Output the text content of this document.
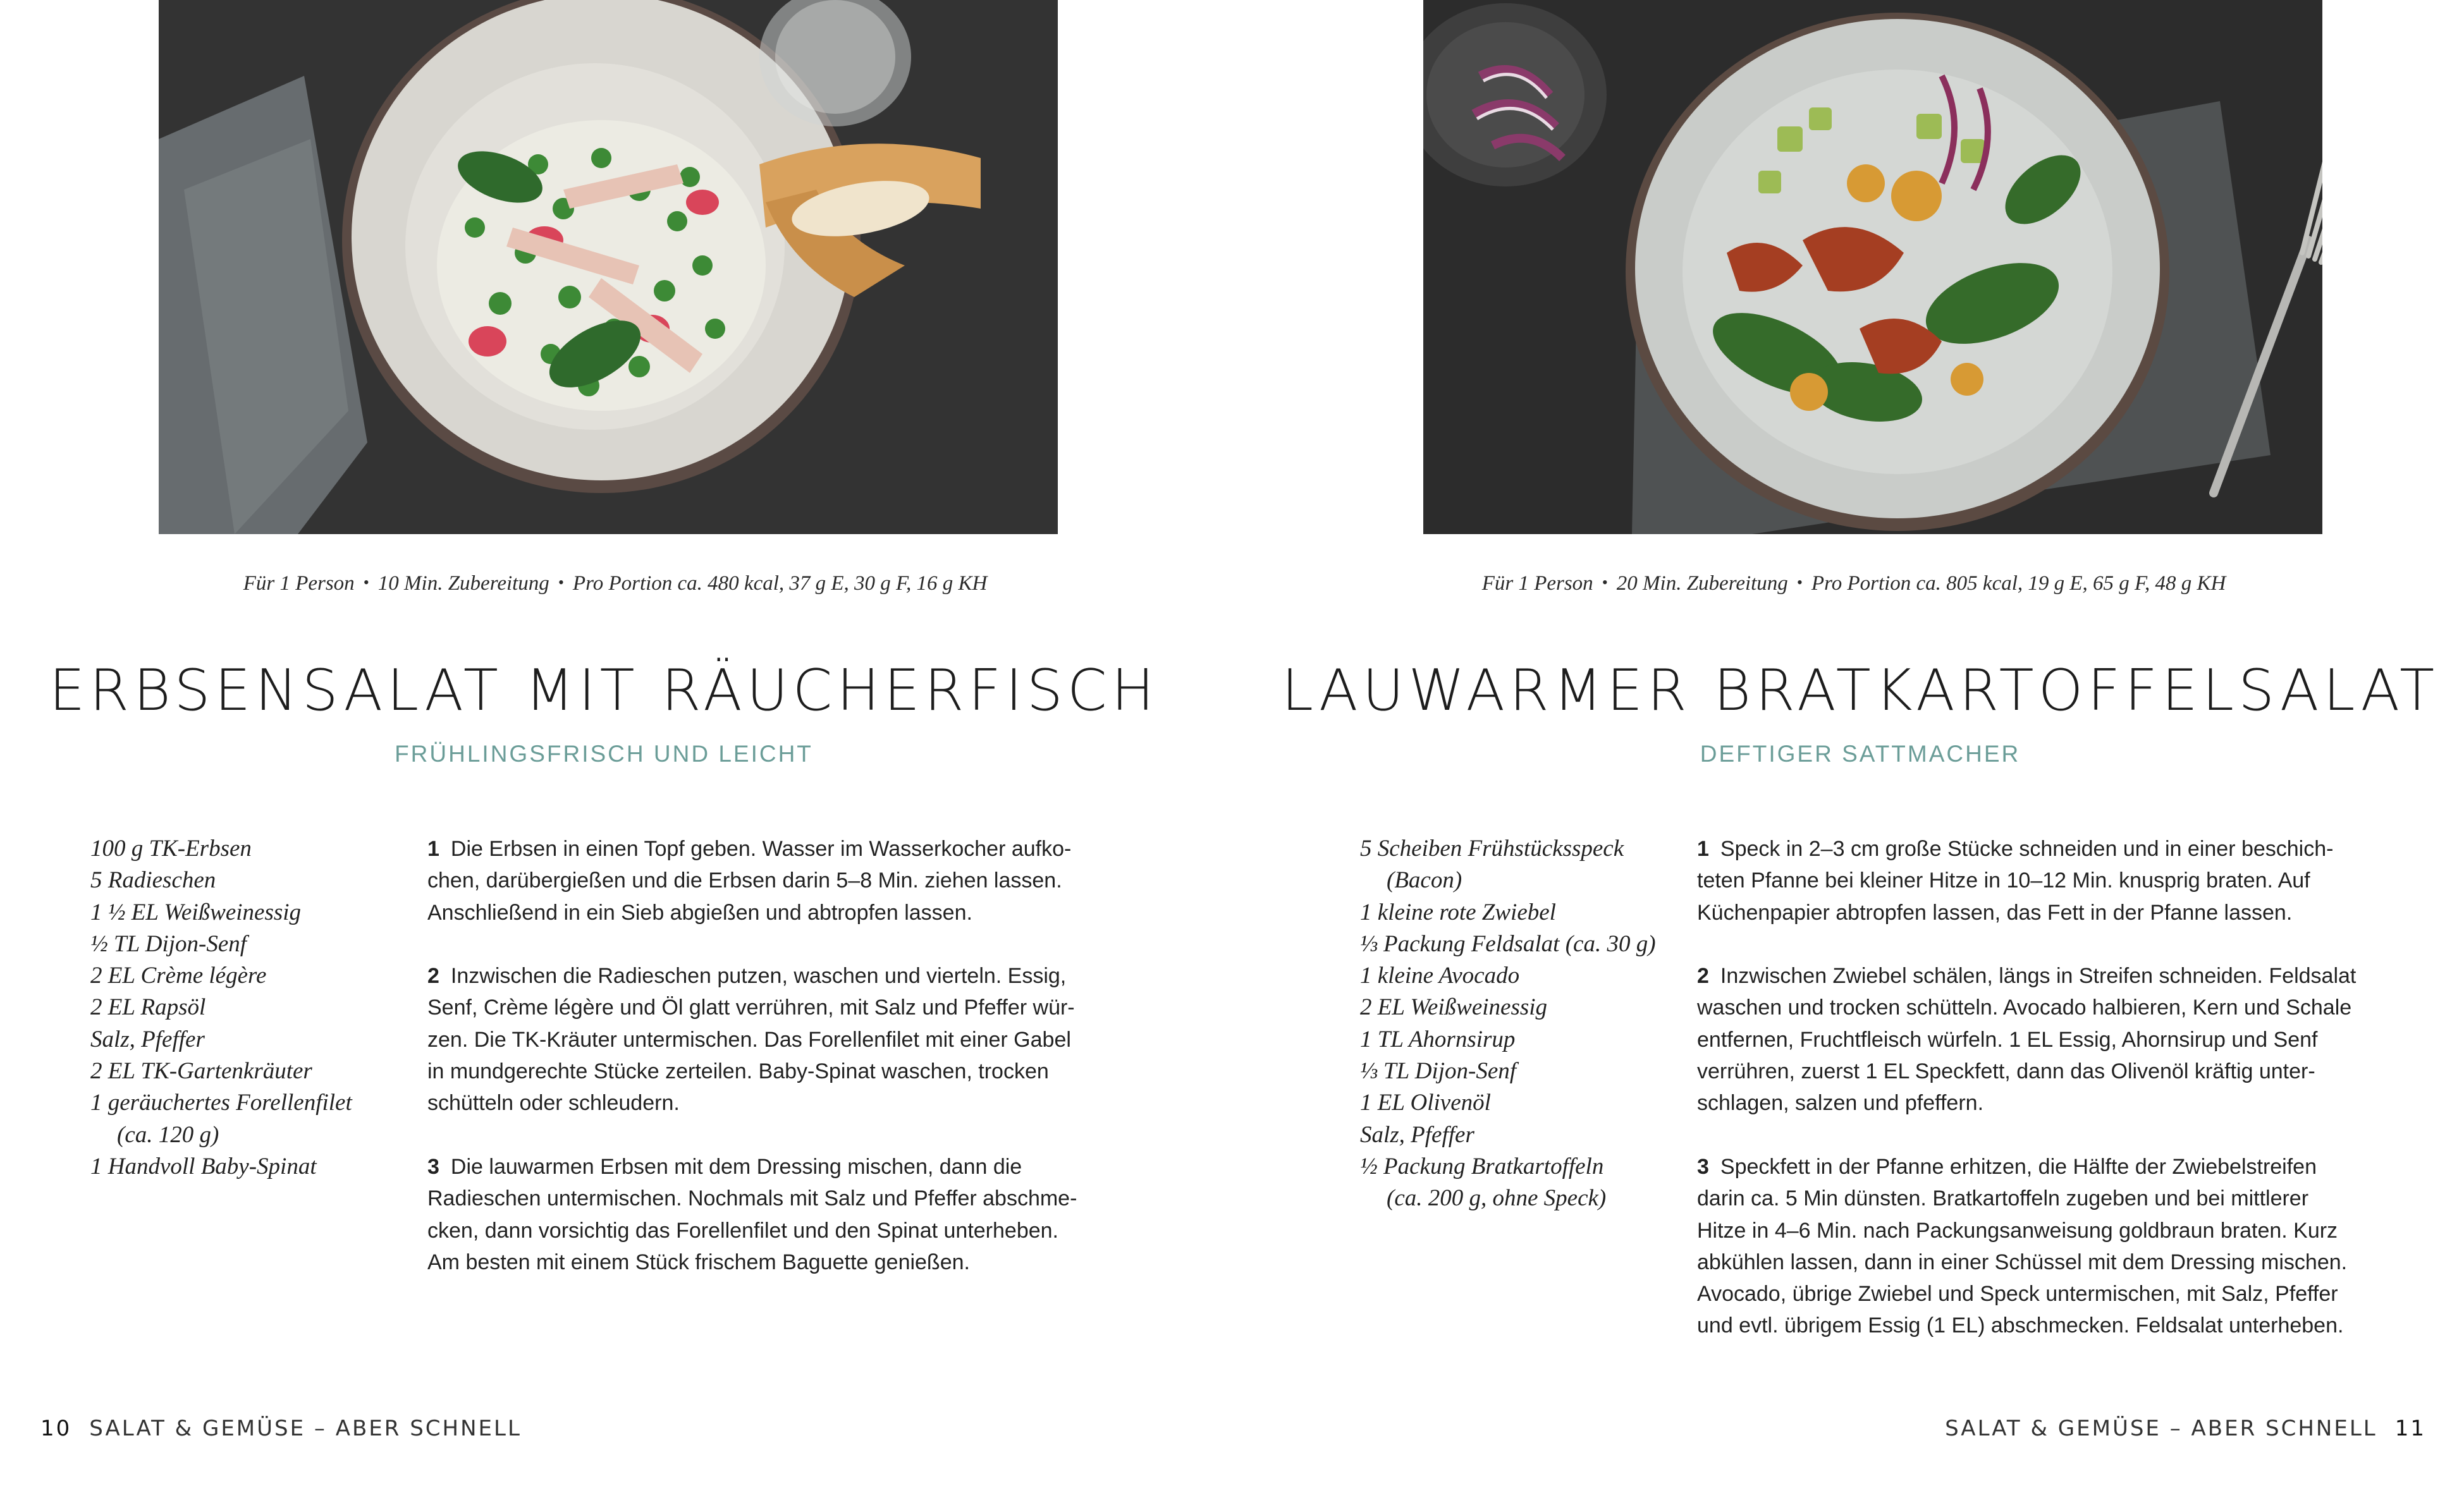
Für 1 Person • 10 Min. Zubereitung • Pro Portion ca. 480 kcal, 37 g E, 30 g F, 16 g KH
ERBSENSALAT MIT RÄUCHERFISCH
FRÜHLINGSFRISCH UND LEICHT
100 g TK-Erbsen
5 Radieschen
1 ½ EL Weißweinessig
½ TL Dijon-Senf
2 EL Crème légère
2 EL Rapsöl
Salz, Pfeffer
2 EL TK-Gartenkräuter
1 geräuchertes Forellenfilet
(ca. 120 g)
1 Handvoll Baby-Spinat
1 Die Erbsen in einen Topf geben. Wasser im Wasserkocher aufko-
chen, darübergießen und die Erbsen darin 5–8 Min. ziehen lassen.
Anschließend in ein Sieb abgießen und abtropfen lassen.
2 Inzwischen die Radieschen putzen, waschen und vierteln. Essig,
Senf, Crème légère und Öl glatt verrühren, mit Salz und Pfeffer wür-
zen. Die TK-Kräuter untermischen. Das Forellenfilet mit einer Gabel
in mundgerechte Stücke zerteilen. Baby-Spinat waschen, trocken
schütteln oder schleudern.
3 Die lauwarmen Erbsen mit dem Dressing mischen, dann die
Radieschen untermischen. Nochmals mit Salz und Pfeffer abschme-
cken, dann vorsichtig das Forellenfilet und den Spinat unterheben.
Am besten mit einem Stück frischem Baguette genießen.
10 SALAT & GEMÜSE – ABER SCHNELL
Für 1 Person • 20 Min. Zubereitung • Pro Portion ca. 805 kcal, 19 g E, 65 g F, 48 g KH
LAUWARMER BRATKARTOFFELSALAT
DEFTIGER SATTMACHER
5 Scheiben Frühstücksspeck
(Bacon)
1 kleine rote Zwiebel
⅓ Packung Feldsalat (ca. 30 g)
1 kleine Avocado
2 EL Weißweinessig
1 TL Ahornsirup
⅓ TL Dijon-Senf
1 EL Olivenöl
Salz, Pfeffer
½ Packung Bratkartoffeln
(ca. 200 g, ohne Speck)
1 Speck in 2–3 cm große Stücke schneiden und in einer beschich-
teten Pfanne bei kleiner Hitze in 10–12 Min. knusprig braten. Auf
Küchenpapier abtropfen lassen, das Fett in der Pfanne lassen.
2 Inzwischen Zwiebel schälen, längs in Streifen schneiden. Feldsalat
waschen und trocken schütteln. Avocado halbieren, Kern und Schale
entfernen, Fruchtfleisch würfeln. 1 EL Essig, Ahornsirup und Senf
verrühren, zuerst 1 EL Speckfett, dann das Olivenöl kräftig unter-
schlagen, salzen und pfeffern.
3 Speckfett in der Pfanne erhitzen, die Hälfte der Zwiebelstreifen
darin ca. 5 Min dünsten. Bratkartoffeln zugeben und bei mittlerer
Hitze in 4–6 Min. nach Packungsanweisung goldbraun braten. Kurz
abkühlen lassen, dann in einer Schüssel mit dem Dressing mischen.
Avocado, übrige Zwiebel und Speck untermischen, mit Salz, Pfeffer
und evtl. übrigem Essig (1 EL) abschmecken. Feldsalat unterheben.
SALAT & GEMÜSE – ABER SCHNELL 11
